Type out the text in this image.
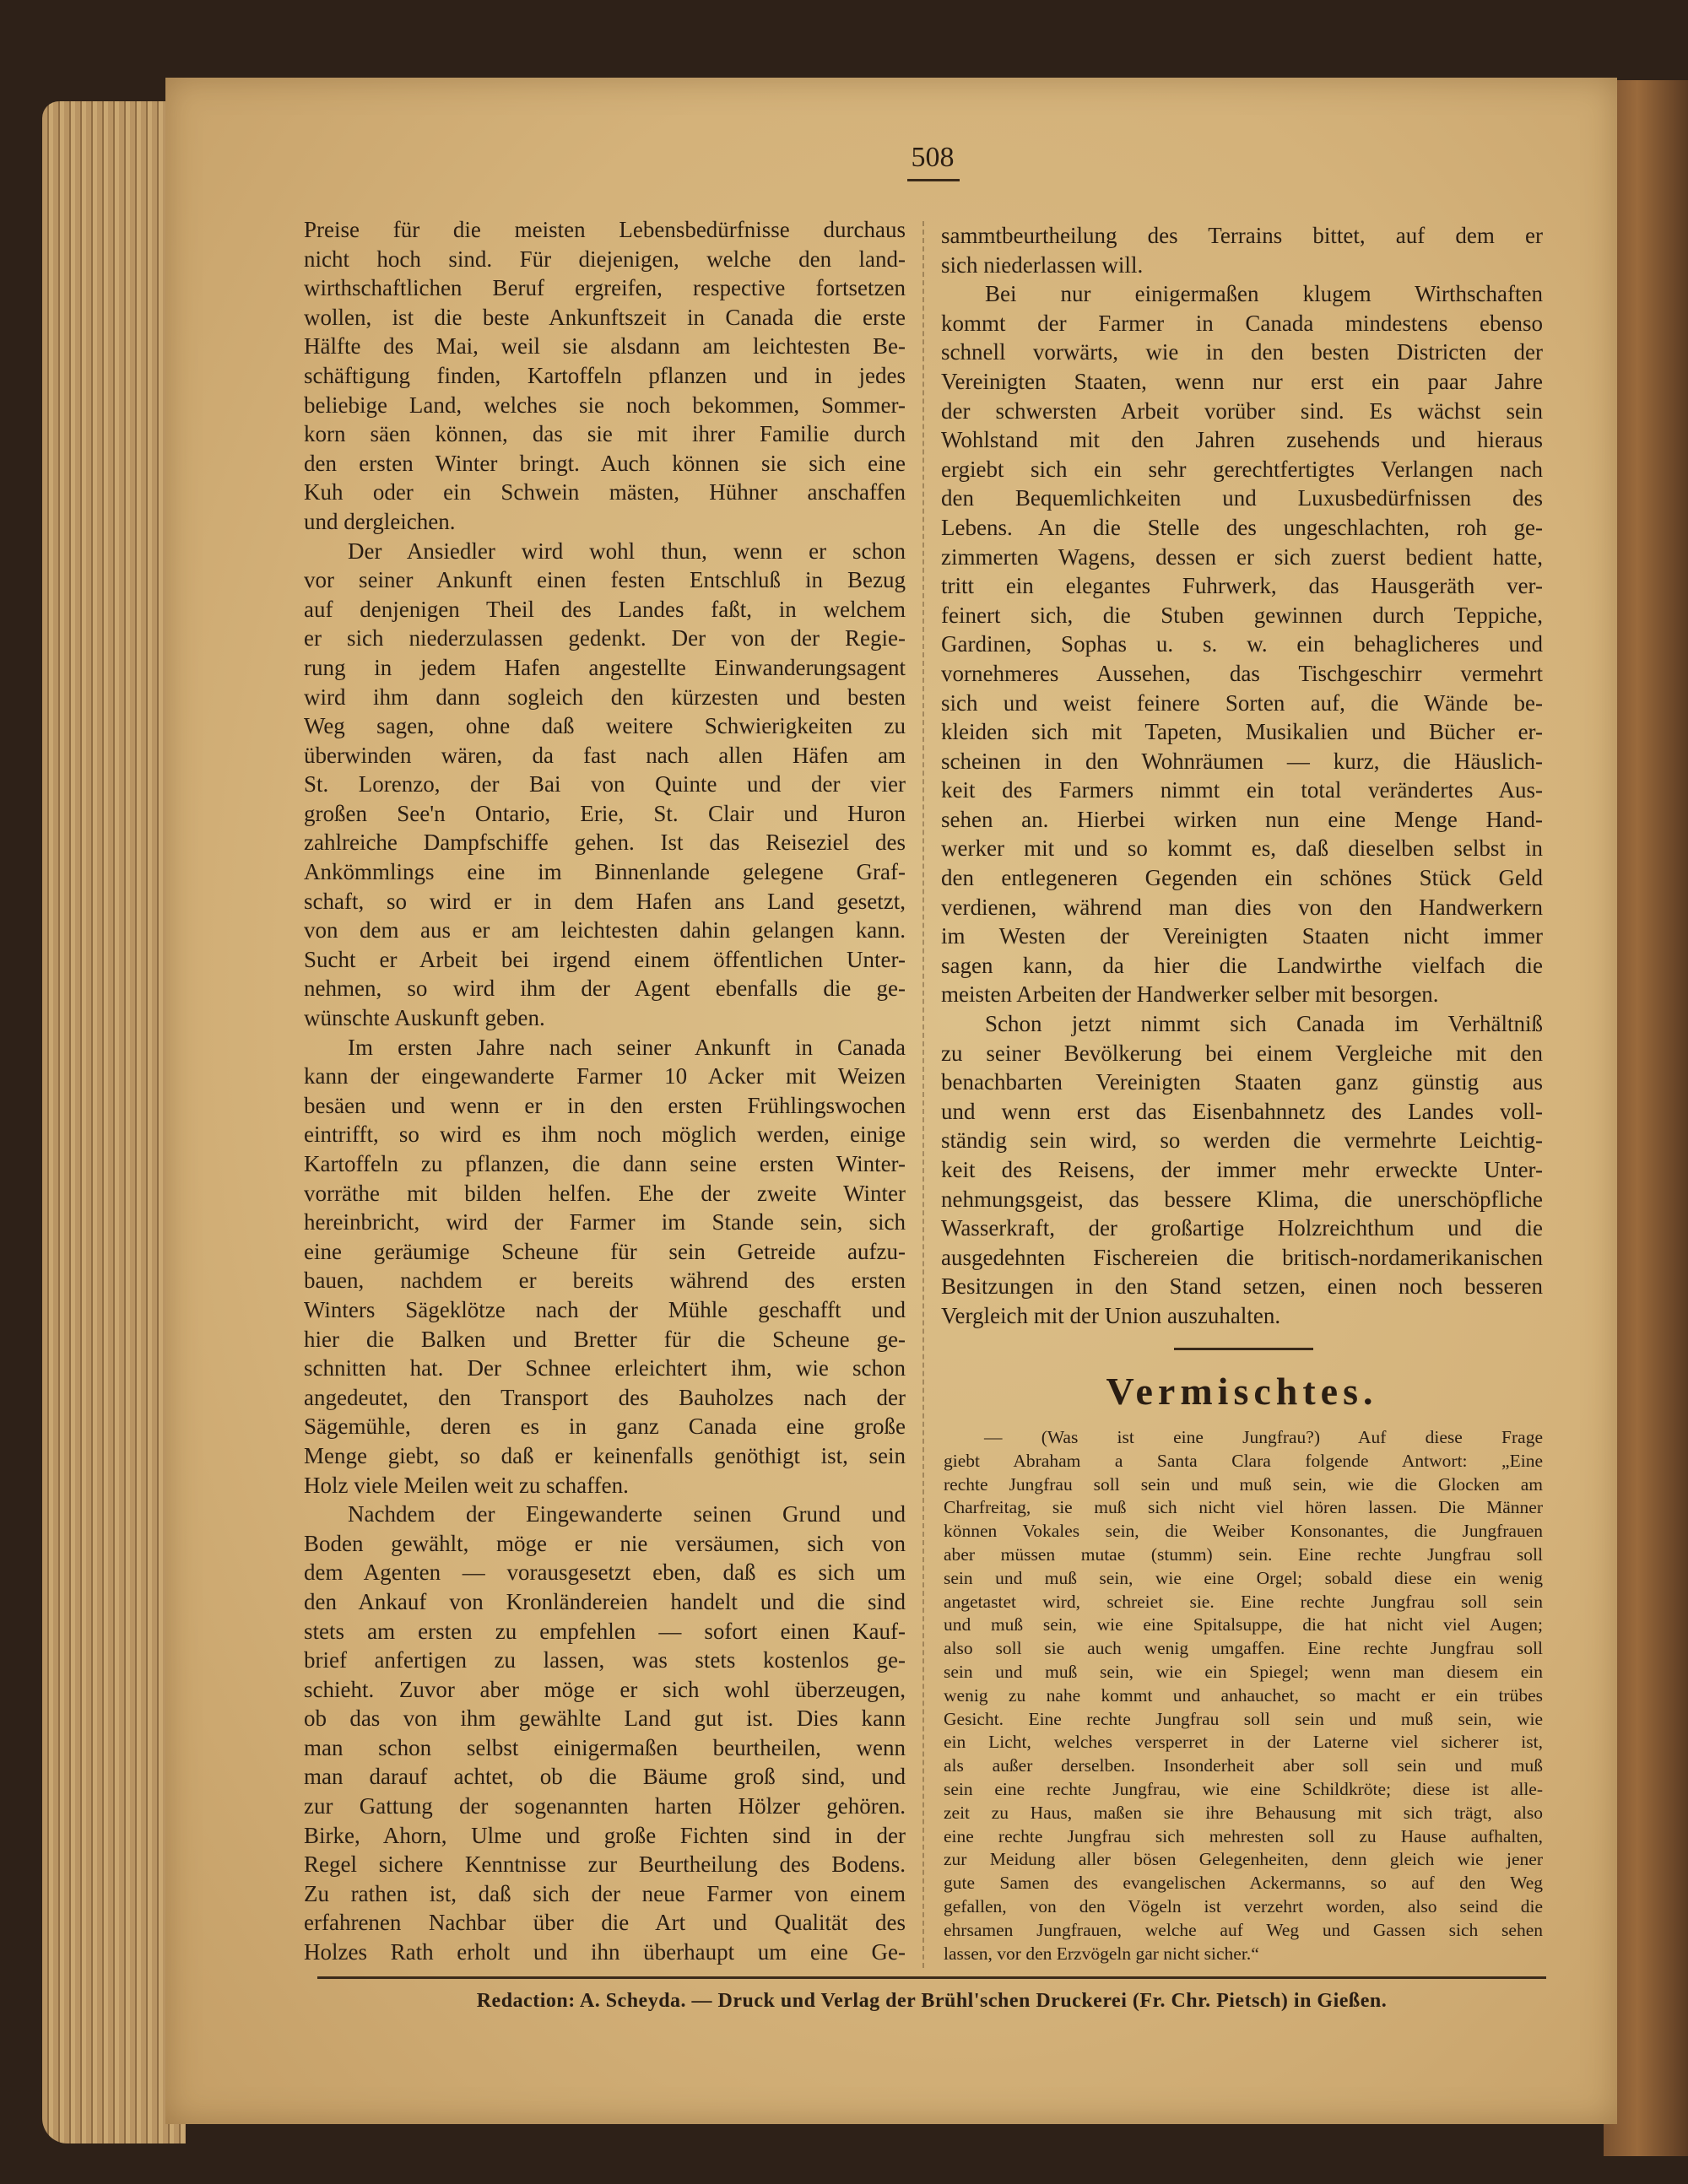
508
Preise für die meisten Lebensbedürfnisse durchaus
nicht hoch sind. Für diejenigen, welche den land-
wirthschaftlichen Beruf ergreifen, respective fortsetzen
wollen, ist die beste Ankunftszeit in Canada die erste
Hälfte des Mai, weil sie alsdann am leichtesten Be-
schäftigung finden, Kartoffeln pflanzen und in jedes
beliebige Land, welches sie noch bekommen, Sommer-
korn säen können, das sie mit ihrer Familie durch
den ersten Winter bringt. Auch können sie sich eine
Kuh oder ein Schwein mästen, Hühner anschaffen
und dergleichen.
Der Ansiedler wird wohl thun, wenn er schon
vor seiner Ankunft einen festen Entschluß in Bezug
auf denjenigen Theil des Landes faßt, in welchem
er sich niederzulassen gedenkt. Der von der Regie-
rung in jedem Hafen angestellte Einwanderungsagent
wird ihm dann sogleich den kürzesten und besten
Weg sagen, ohne daß weitere Schwierigkeiten zu
überwinden wären, da fast nach allen Häfen am
St. Lorenzo, der Bai von Quinte und der vier
großen See'n Ontario, Erie, St. Clair und Huron
zahlreiche Dampfschiffe gehen. Ist das Reiseziel des
Ankömmlings eine im Binnenlande gelegene Graf-
schaft, so wird er in dem Hafen ans Land gesetzt,
von dem aus er am leichtesten dahin gelangen kann.
Sucht er Arbeit bei irgend einem öffentlichen Unter-
nehmen, so wird ihm der Agent ebenfalls die ge-
wünschte Auskunft geben.
Im ersten Jahre nach seiner Ankunft in Canada
kann der eingewanderte Farmer 10 Acker mit Weizen
besäen und wenn er in den ersten Frühlingswochen
eintrifft, so wird es ihm noch möglich werden, einige
Kartoffeln zu pflanzen, die dann seine ersten Winter-
vorräthe mit bilden helfen. Ehe der zweite Winter
hereinbricht, wird der Farmer im Stande sein, sich
eine geräumige Scheune für sein Getreide aufzu-
bauen, nachdem er bereits während des ersten
Winters Sägeklötze nach der Mühle geschafft und
hier die Balken und Bretter für die Scheune ge-
schnitten hat. Der Schnee erleichtert ihm, wie schon
angedeutet, den Transport des Bauholzes nach der
Sägemühle, deren es in ganz Canada eine große
Menge giebt, so daß er keinenfalls genöthigt ist, sein
Holz viele Meilen weit zu schaffen.
Nachdem der Eingewanderte seinen Grund und
Boden gewählt, möge er nie versäumen, sich von
dem Agenten — vorausgesetzt eben, daß es sich um
den Ankauf von Kronländereien handelt und die sind
stets am ersten zu empfehlen — sofort einen Kauf-
brief anfertigen zu lassen, was stets kostenlos ge-
schieht. Zuvor aber möge er sich wohl überzeugen,
ob das von ihm gewählte Land gut ist. Dies kann
man schon selbst einigermaßen beurtheilen, wenn
man darauf achtet, ob die Bäume groß sind, und
zur Gattung der sogenannten harten Hölzer gehören.
Birke, Ahorn, Ulme und große Fichten sind in der
Regel sichere Kenntnisse zur Beurtheilung des Bodens.
Zu rathen ist, daß sich der neue Farmer von einem
erfahrenen Nachbar über die Art und Qualität des
Holzes Rath erholt und ihn überhaupt um eine Ge-
sammtbeurtheilung des Terrains bittet, auf dem er
sich niederlassen will.
Bei nur einigermaßen klugem Wirthschaften
kommt der Farmer in Canada mindestens ebenso
schnell vorwärts, wie in den besten Districten der
Vereinigten Staaten, wenn nur erst ein paar Jahre
der schwersten Arbeit vorüber sind. Es wächst sein
Wohlstand mit den Jahren zusehends und hieraus
ergiebt sich ein sehr gerechtfertigtes Verlangen nach
den Bequemlichkeiten und Luxusbedürfnissen des
Lebens. An die Stelle des ungeschlachten, roh ge-
zimmerten Wagens, dessen er sich zuerst bedient hatte,
tritt ein elegantes Fuhrwerk, das Hausgeräth ver-
feinert sich, die Stuben gewinnen durch Teppiche,
Gardinen, Sophas u. s. w. ein behaglicheres und
vornehmeres Aussehen, das Tischgeschirr vermehrt
sich und weist feinere Sorten auf, die Wände be-
kleiden sich mit Tapeten, Musikalien und Bücher er-
scheinen in den Wohnräumen — kurz, die Häuslich-
keit des Farmers nimmt ein total verändertes Aus-
sehen an. Hierbei wirken nun eine Menge Hand-
werker mit und so kommt es, daß dieselben selbst in
den entlegeneren Gegenden ein schönes Stück Geld
verdienen, während man dies von den Handwerkern
im Westen der Vereinigten Staaten nicht immer
sagen kann, da hier die Landwirthe vielfach die
meisten Arbeiten der Handwerker selber mit besorgen.
Schon jetzt nimmt sich Canada im Verhältniß
zu seiner Bevölkerung bei einem Vergleiche mit den
benachbarten Vereinigten Staaten ganz günstig aus
und wenn erst das Eisenbahnnetz des Landes voll-
ständig sein wird, so werden die vermehrte Leichtig-
keit des Reisens, der immer mehr erweckte Unter-
nehmungsgeist, das bessere Klima, die unerschöpfliche
Wasserkraft, der großartige Holzreichthum und die
ausgedehnten Fischereien die britisch-nordamerikanischen
Besitzungen in den Stand setzen, einen noch besseren
Vergleich mit der Union auszuhalten.
Vermischtes.
— (Was ist eine Jungfrau?) Auf diese Frage
giebt Abraham a Santa Clara folgende Antwort: „Eine
rechte Jungfrau soll sein und muß sein, wie die Glocken am
Charfreitag, sie muß sich nicht viel hören lassen. Die Männer
können Vokales sein, die Weiber Konsonantes, die Jungfrauen
aber müssen mutae (stumm) sein. Eine rechte Jungfrau soll
sein und muß sein, wie eine Orgel; sobald diese ein wenig
angetastet wird, schreiet sie. Eine rechte Jungfrau soll sein
und muß sein, wie eine Spitalsuppe, die hat nicht viel Augen;
also soll sie auch wenig umgaffen. Eine rechte Jungfrau soll
sein und muß sein, wie ein Spiegel; wenn man diesem ein
wenig zu nahe kommt und anhauchet, so macht er ein trübes
Gesicht. Eine rechte Jungfrau soll sein und muß sein, wie
ein Licht, welches versperret in der Laterne viel sicherer ist,
als außer derselben. Insonderheit aber soll sein und muß
sein eine rechte Jungfrau, wie eine Schildkröte; diese ist alle-
zeit zu Haus, maßen sie ihre Behausung mit sich trägt, also
eine rechte Jungfrau sich mehresten soll zu Hause aufhalten,
zur Meidung aller bösen Gelegenheiten, denn gleich wie jener
gute Samen des evangelischen Ackermanns, so auf den Weg
gefallen, von den Vögeln ist verzehrt worden, also seind die
ehrsamen Jungfrauen, welche auf Weg und Gassen sich sehen
lassen, vor den Erzvögeln gar nicht sicher.“
Redaction: A. Scheyda. — Druck und Verlag der Brühl'schen Druckerei (Fr. Chr. Pietsch) in Gießen.
